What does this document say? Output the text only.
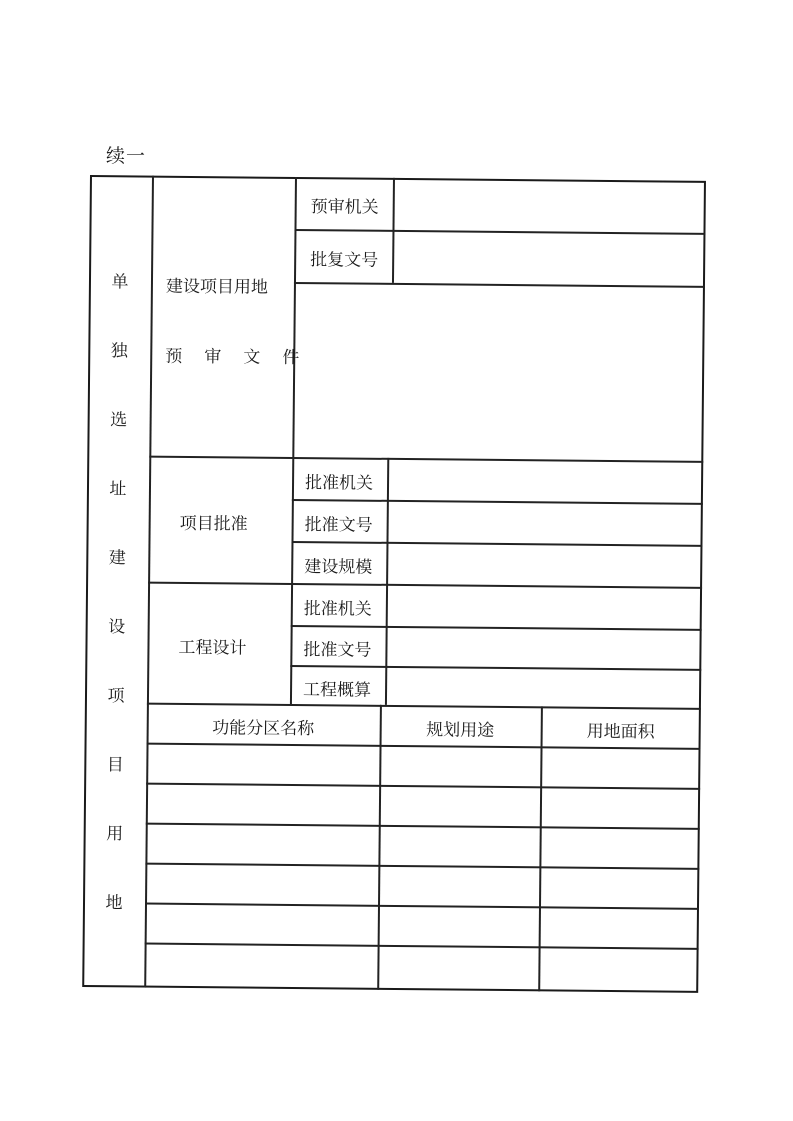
续一
单
独
选
址
建
设
项
目
用
地
建设项目用地
预审文件
预审机关
批复文号
项目批准
批准机关
批准文号
建设规模
工程设计
批准机关
批准文号
工程概算
功能分区名称	规划用途	用地面积
